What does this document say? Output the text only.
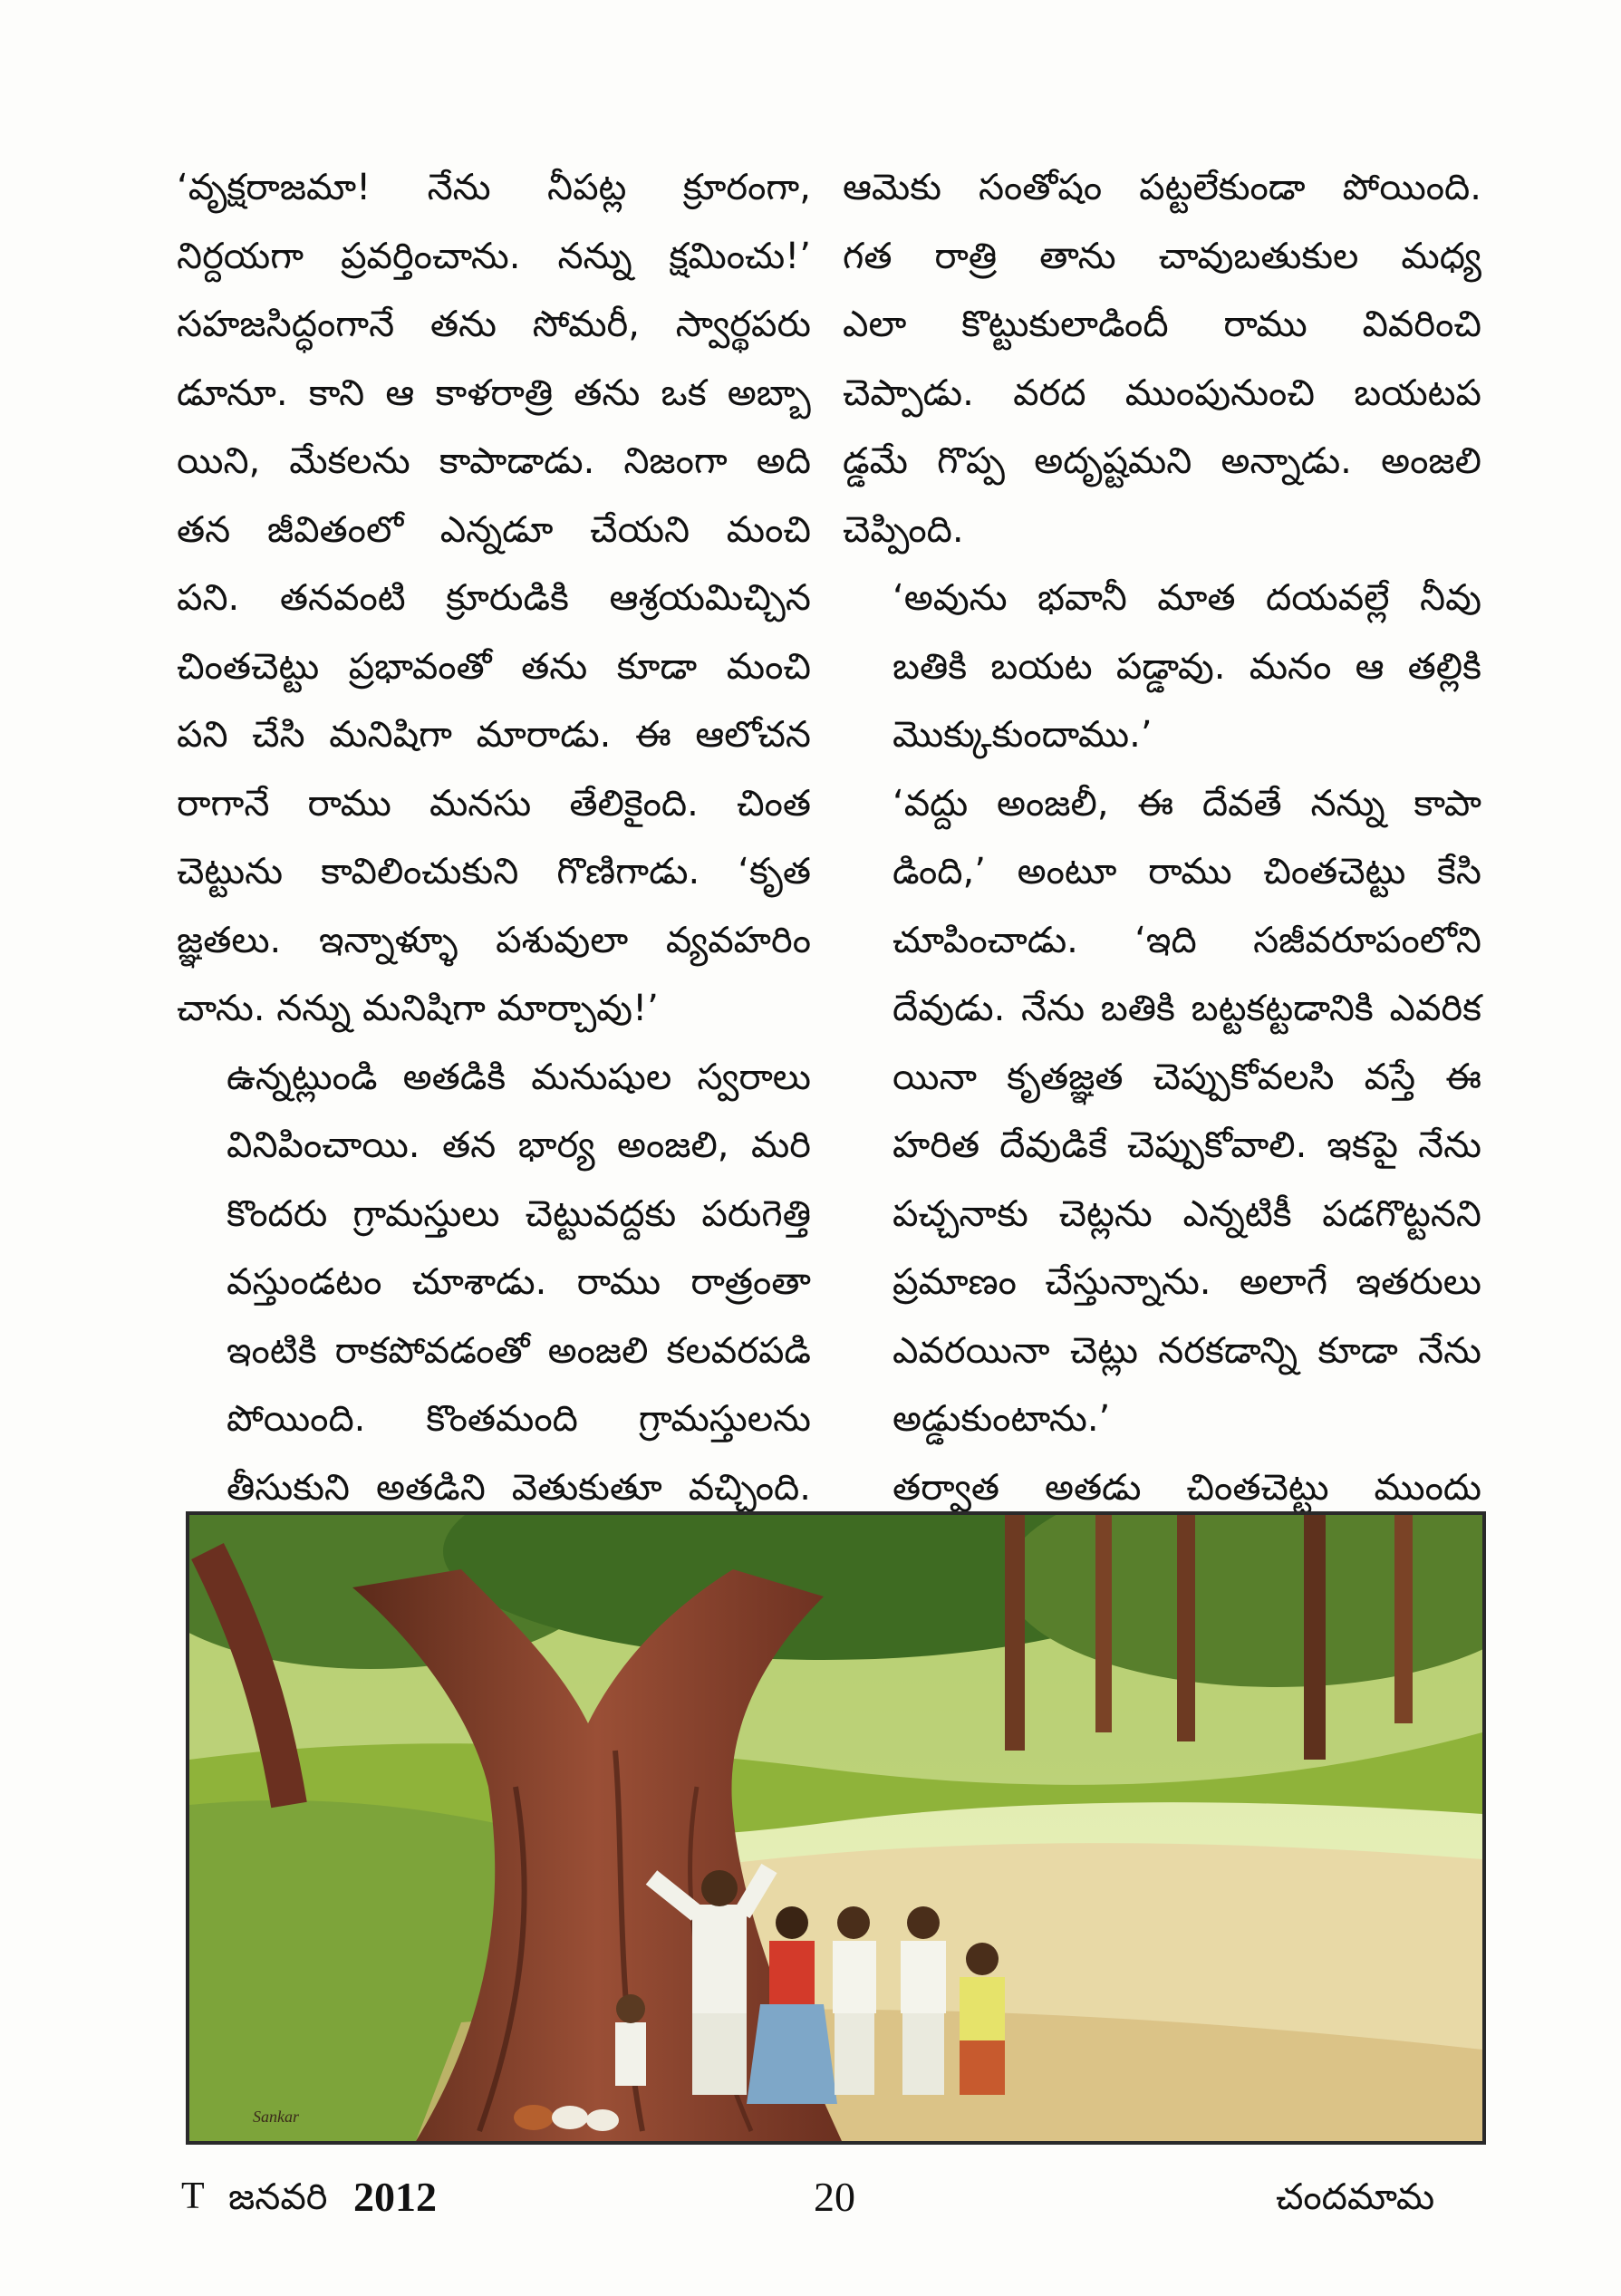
‘వృక్షరాజమా! నేను నీపట్ల క్రూరంగా,
నిర్దయగా ప్రవర్తించాను. నన్ను క్షమించు!’
సహజసిద్ధంగానే తను సోమరీ, స్వార్థపరు
డూనూ. కాని ఆ కాళరాత్రి తను ఒక అబ్బా
యిని, మేకలను కాపాడాడు. నిజంగా అది
తన జీవితంలో ఎన్నడూ చేయని మంచి
పని. తనవంటి క్రూరుడికి ఆశ్రయమిచ్చిన
చింతచెట్టు ప్రభావంతో తను కూడా మంచి
పని చేసి మనిషిగా మారాడు. ఈ ఆలోచన
రాగానే రాము మనసు తేలికైంది. చింత
చెట్టును కావిలించుకుని గొణిగాడు. ‘కృత
జ్ఞతలు. ఇన్నాళ్ళూ పశువులా వ్యవహరిం
చాను. నన్ను మనిషిగా మార్చావు!’

ఉన్నట్లుండి అతడికి మనుషుల స్వరాలు
వినిపించాయి. తన భార్య అంజలి, మరి
కొందరు గ్రామస్తులు చెట్టువద్దకు పరుగెత్తి
వస్తుండటం చూశాడు. రాము రాత్రంతా
ఇంటికి రాకపోవడంతో అంజలి కలవరపడి
పోయింది. కొంతమంది గ్రామస్తులను
తీసుకుని అతడిని వెతుకుతూ వచ్చింది.

ఆమెకు సంతోషం పట్టలేకుండా పోయింది.
గత రాత్రి తాను చావుబతుకుల మధ్య
ఎలా కొట్టుకులాడిందీ రాము వివరించి
చెప్పాడు. వరద ముంపునుంచి బయటప
డ్డమే గొప్ప అదృష్టమని అన్నాడు. అంజలి
చెప్పింది.

‘అవును భవానీ మాత దయవల్లే నీవు
బతికి బయట పడ్డావు. మనం ఆ తల్లికి
మొక్కుకుందాము.’

‘వద్దు అంజలీ, ఈ దేవతే నన్ను కాపా
డింది,’ అంటూ రాము చింతచెట్టు కేసి
చూపించాడు. ‘ఇది సజీవరూపంలోని
దేవుడు. నేను బతికి బట్టకట్టడానికి ఎవరిక
యినా కృతజ్ఞత చెప్పుకోవలసి వస్తే ఈ
హరిత దేవుడికే చెప్పుకోవాలి. ఇకపై నేను
పచ్చనాకు చెట్లను ఎన్నటికీ పడగొట్టనని
ప్రమాణం చేస్తున్నాను. అలాగే ఇతరులు
ఎవరయినా చెట్లు నరకడాన్ని కూడా నేను
అడ్డుకుంటాను.’

తర్వాత అతడు చింతచెట్టు ముందు

Sankar
T జనవరి 2012	20	చందమామ
